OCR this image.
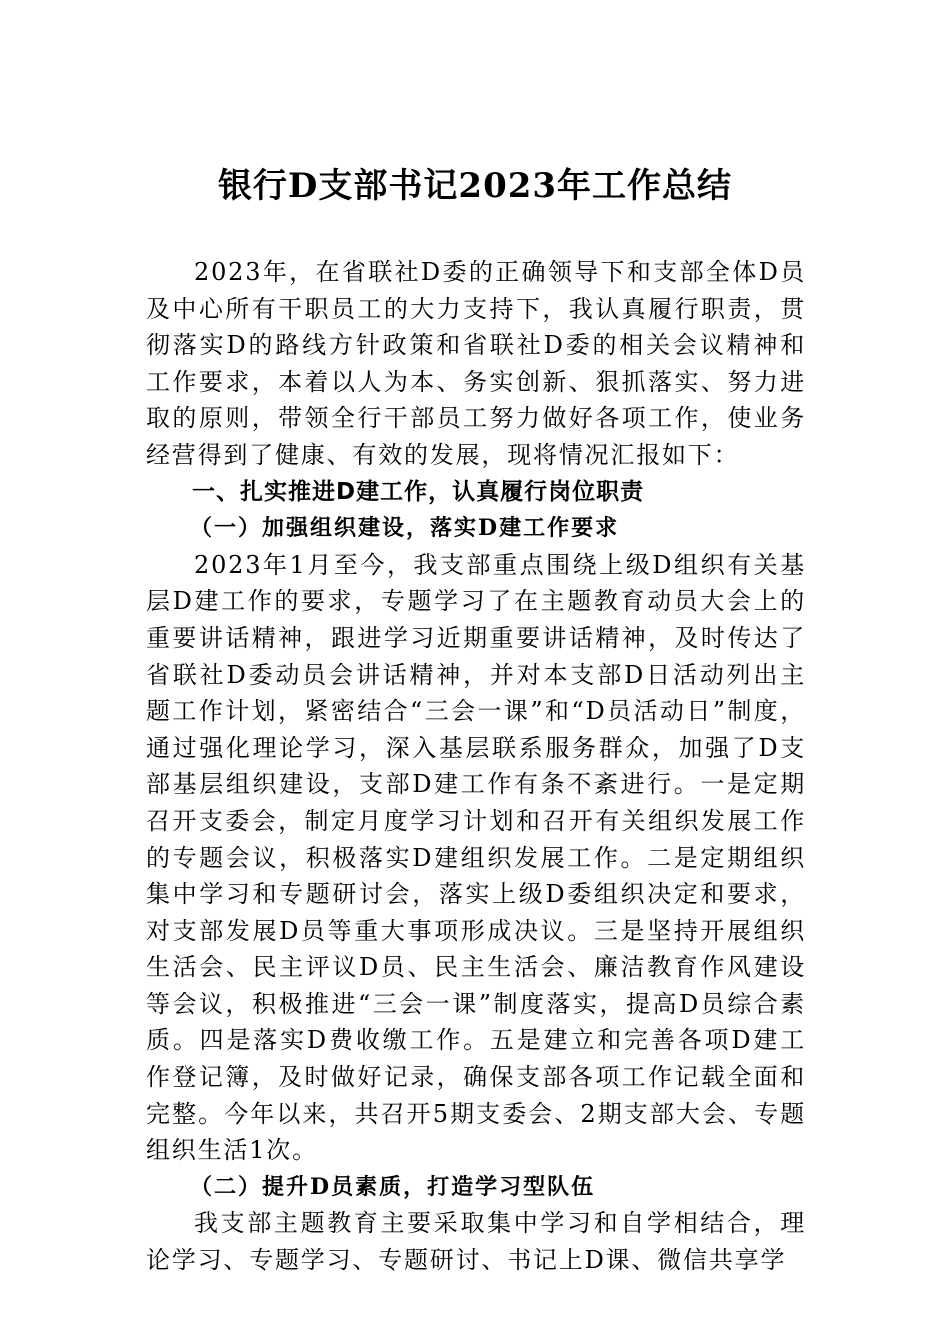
银行D支部书记2023年工作总结

2023年，在省联社D委的正确领导下和支部全体D员及中心所有干职员工的大力支持下，我认真履行职责，贯彻落实D的路线方针政策和省联社D委的相关会议精神和工作要求，本着以人为本、务实创新、狠抓落实、努力进取的原则，带领全行干部员工努力做好各项工作，使业务经营得到了健康、有效的发展，现将情况汇报如下：

一、扎实推进D建工作，认真履行岗位职责

（一）加强组织建设，落实D建工作要求

2023年1月至今，我支部重点围绕上级D组织有关基层D建工作的要求，专题学习了在主题教育动员大会上的重要讲话精神，跟进学习近期重要讲话精神，及时传达了省联社D委动员会讲话精神，并对本支部D日活动列出主题工作计划，紧密结合“三会一课”和“D员活动日”制度，通过强化理论学习，深入基层联系服务群众，加强了D支部基层组织建设，支部D建工作有条不紊进行。一是定期召开支委会，制定月度学习计划和召开有关组织发展工作的专题会议，积极落实D建组织发展工作。二是定期组织集中学习和专题研讨会，落实上级D委组织决定和要求，对支部发展D员等重大事项形成决议。三是坚持开展组织生活会、民主评议D员、民主生活会、廉洁教育作风建设等会议，积极推进“三会一课”制度落实，提高D员综合素质。四是落实D费收缴工作。五是建立和完善各项D建工作登记簿，及时做好记录，确保支部各项工作记载全面和完整。今年以来，共召开5期支委会、2期支部大会、专题组织生活1次。

（二）提升D员素质，打造学习型队伍

我支部主题教育主要采取集中学习和自学相结合，理论学习、专题学习、专题研讨、书记上D课、微信共享学
